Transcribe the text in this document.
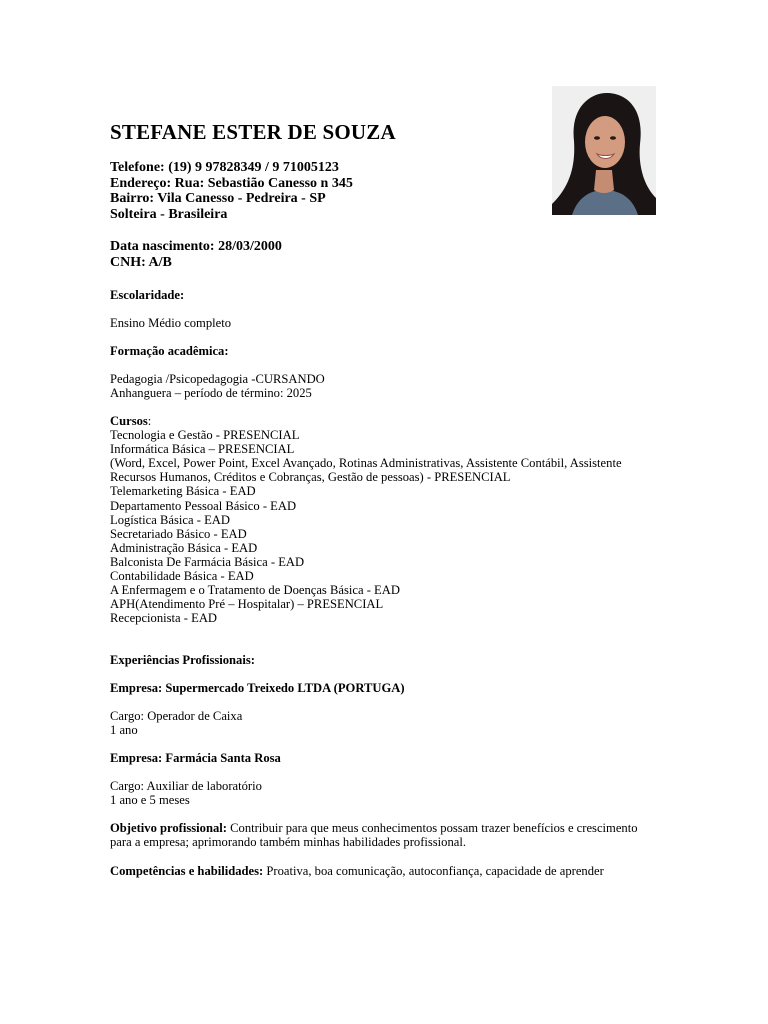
STEFANE ESTER DE SOUZA
Telefone: (19) 9 97828349 / 9 71005123
Endereço: Rua: Sebastião Canesso n 345
Bairro: Vila Canesso - Pedreira - SP
Solteira - Brasileira
Data nascimento: 28/03/2000
CNH: A/B
Escolaridade:
Ensino Médio completo
Formação acadêmica:
Pedagogia /Psicopedagogia -CURSANDO
Anhanguera – período de término: 2025
Cursos:
Tecnologia e Gestão - PRESENCIAL
Informática Básica – PRESENCIAL
(Word, Excel, Power Point, Excel Avançado, Rotinas Administrativas, Assistente Contábil, Assistente
Recursos Humanos, Créditos e Cobranças, Gestão de pessoas) - PRESENCIAL
Telemarketing Básica - EAD
Departamento Pessoal Básico - EAD
Logística Básica - EAD
Secretariado Básico - EAD
Administração Básica - EAD
Balconista De Farmácia Básica - EAD
Contabilidade Básica - EAD
A Enfermagem e o Tratamento de Doenças Básica - EAD
APH(Atendimento Pré – Hospitalar) – PRESENCIAL
Recepcionista - EAD
Experiências Profissionais:
Empresa: Supermercado Treixedo LTDA (PORTUGA)
Cargo: Operador de Caixa
1 ano
Empresa: Farmácia Santa Rosa
Cargo: Auxiliar de laboratório
1 ano e 5 meses
Objetivo profissional: Contribuir para que meus conhecimentos possam trazer benefícios e crescimento
para a empresa; aprimorando também minhas habilidades profissional.
Competências e habilidades: Proativa, boa comunicação, autoconfiança, capacidade de aprender
